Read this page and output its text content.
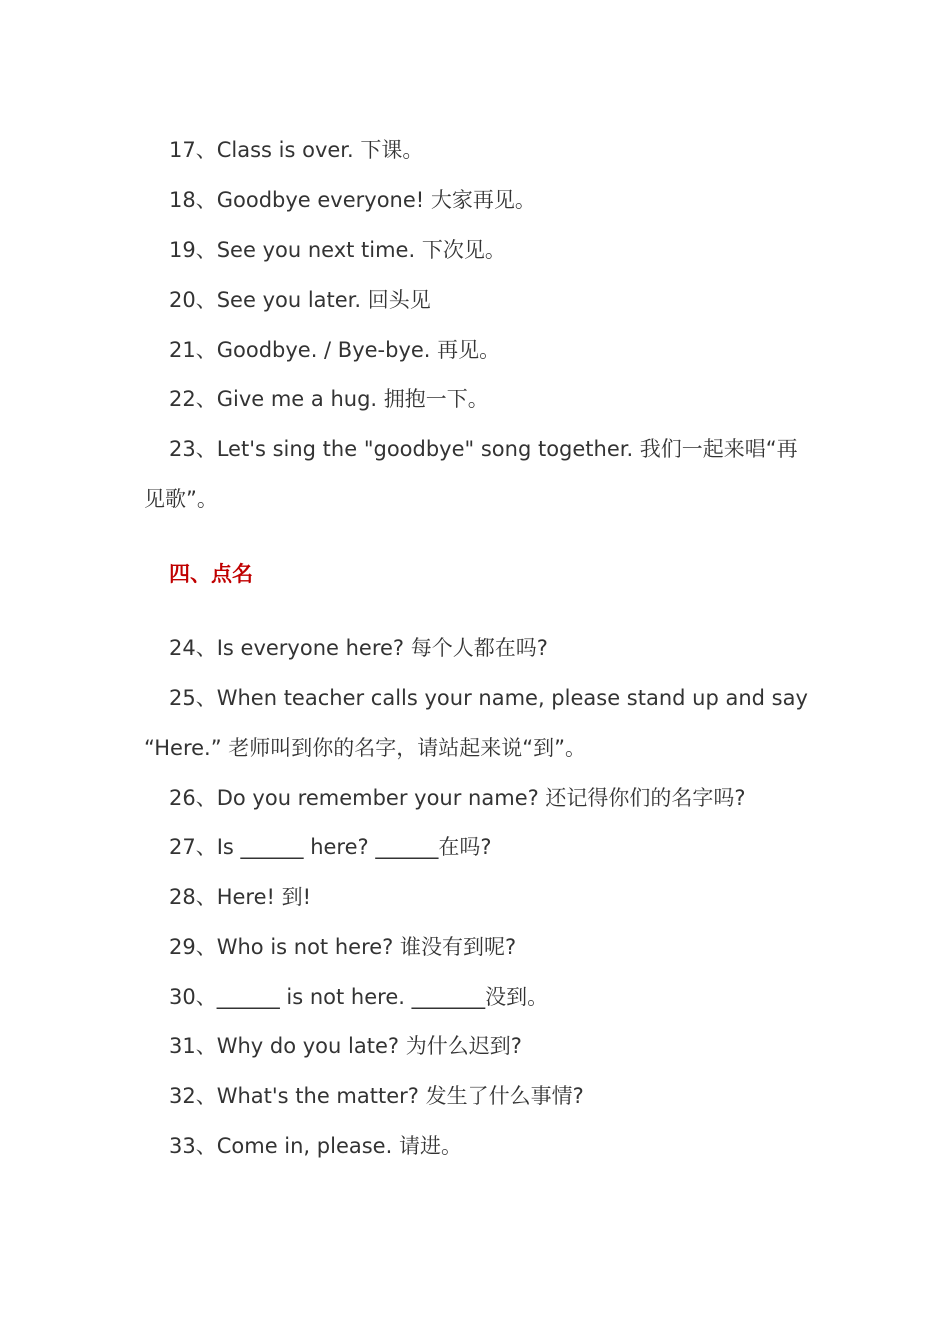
17、Class is over. 下课。
18、Goodbye everyone! 大家再见。
19、See you next time. 下次见。
20、See you later. 回头见
21、Goodbye. / Bye-bye. 再见。
22、Give me a hug. 拥抱一下。
23、Let's sing the "goodbye" song together. 我们一起来唱“再
见歌”。
四、点名
24、Is everyone here? 每个人都在吗?
25、When teacher calls your name, please stand up and say
“Here.” 老师叫到你的名字，请站起来说“到”。
26、Do you remember your name? 还记得你们的名字吗?
27、Is ______ here? ______在吗?
28、Here! 到!
29、Who is not here? 谁没有到呢?
30、______ is not here. _______没到。
31、Why do you late? 为什么迟到?
32、What's the matter? 发生了什么事情?
33、Come in, please. 请进。
